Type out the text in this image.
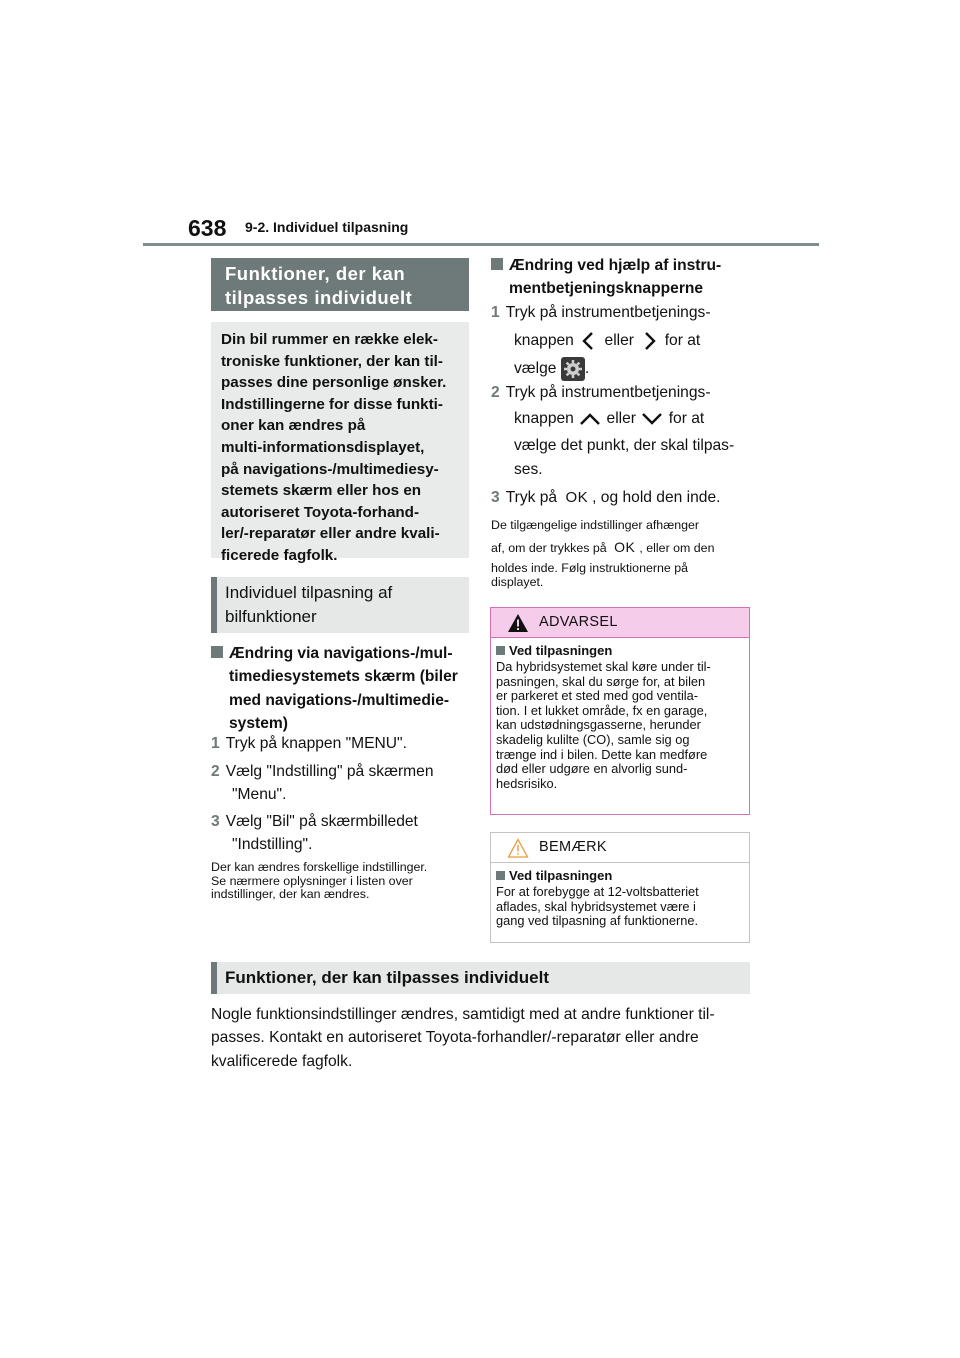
638 9-2. Individuel tilpasning
Funktioner, der kan tilpasses individuelt
Din bil rummer en række elek-
troniske funktioner, der kan til-
passes dine personlige ønsker.
Indstillingerne for disse funkti-
oner kan ændres på
multi-informationsdisplayet,
på navigations-/multimediesy-
stemets skærm eller hos en
autoriseret Toyota-forhand-
ler/-reparatør eller andre kvali-
ficerede fagfolk.
Individuel tilpasning af
bilfunktioner
Ændring via navigations-/mul-
timediesystemets skærm (biler
med navigations-/multimedie-
system)
1 Tryk på knappen "MENU".
2 Vælg "Indstilling" på skærmen
"Menu".
3 Vælg "Bil" på skærmbilledet
"Indstilling".
Der kan ændres forskellige indstillinger.
Se nærmere oplysninger i listen over
indstillinger, der kan ændres.
Ændring ved hjælp af instru-
mentbetjeningsknapperne
1 Tryk på instrumentbetjenings-
knappen eller for at
vælge .
2 Tryk på instrumentbetjenings-
knappen eller for at
vælge det punkt, der skal tilpas-
ses.
3 Tryk på OK , og hold den inde.
De tilgængelige indstillinger afhænger
af, om der trykkes på OK , eller om den
holdes inde. Følg instruktionerne på
displayet.
ADVARSEL
Ved tilpasningen
Da hybridsystemet skal køre under til-
pasningen, skal du sørge for, at bilen
er parkeret et sted med god ventila-
tion. I et lukket område, fx en garage,
kan udstødningsgasserne, herunder
skadelig kulilte (CO), samle sig og
trænge ind i bilen. Dette kan medføre
død eller udgøre en alvorlig sund-
hedsrisiko.
BEMÆRK
Ved tilpasningen
For at forebygge at 12-voltsbatteriet
aflades, skal hybridsystemet være i
gang ved tilpasning af funktionerne.
Funktioner, der kan tilpasses individuelt
Nogle funktionsindstillinger ændres, samtidigt med at andre funktioner til-
passes. Kontakt en autoriseret Toyota-forhandler/-reparatør eller andre
kvalificerede fagfolk.
